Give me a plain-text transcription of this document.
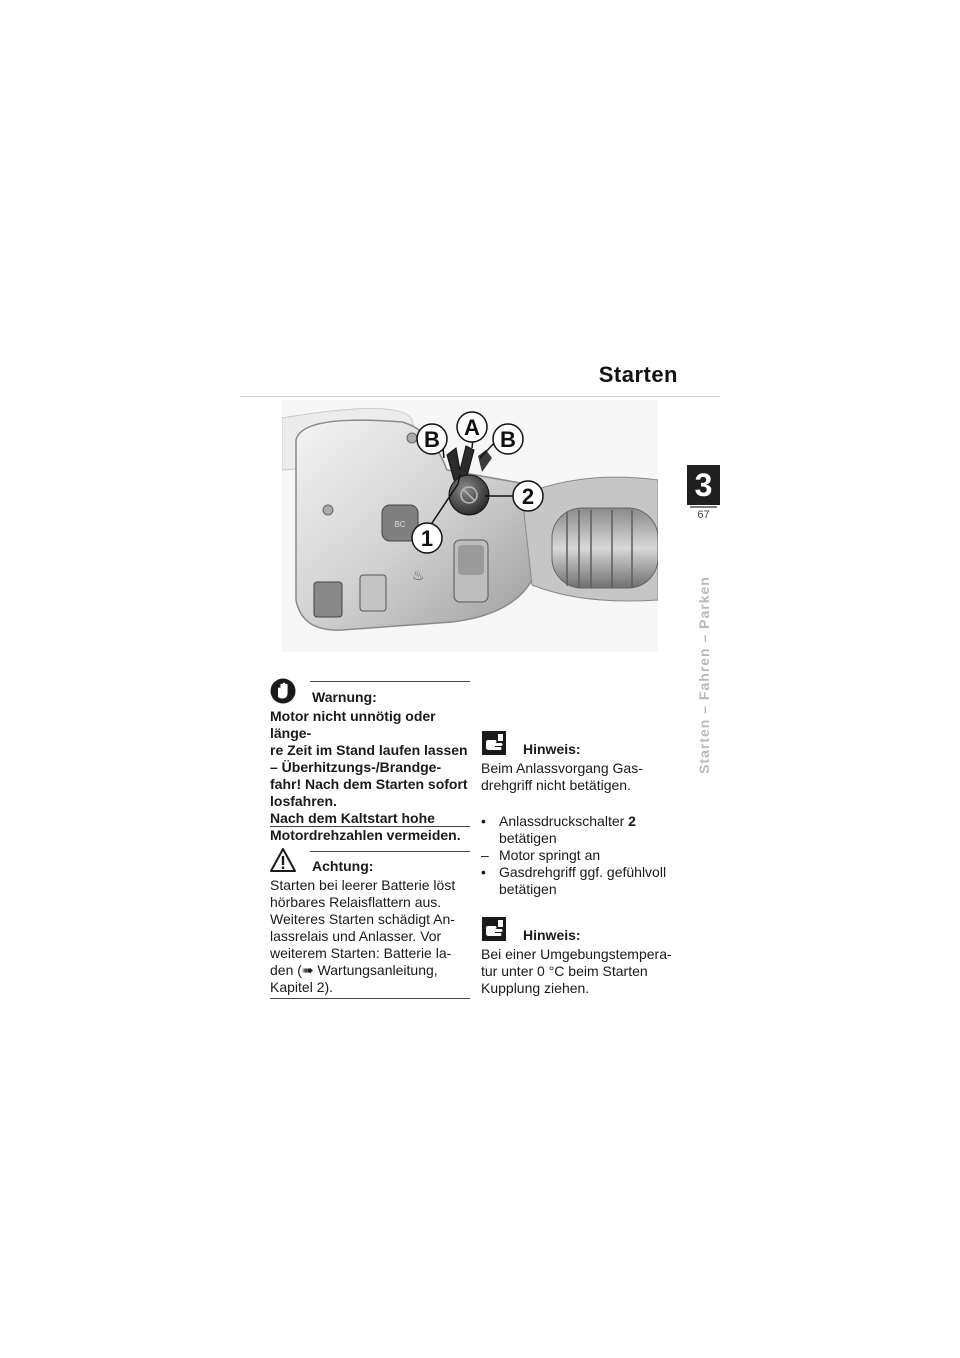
Starten
3
67
Starten – Fahren – Parken
BC
♨
B A B
2
1
Warnung:
Motor nicht unnötig oder länge-
re Zeit im Stand laufen lassen
– Überhitzungs-/Brandge-
fahr! Nach dem Starten sofort
losfahren.
Nach dem Kaltstart hohe
Motordrehzahlen vermeiden.
Achtung:
Starten bei leerer Batterie löst
hörbares Relaisflattern aus.
Weiteres Starten schädigt An-
lassrelais und Anlasser. Vor
weiterem Starten: Batterie la-
den (➠ Wartungsanleitung,
Kapitel 2).
Hinweis:
Beim Anlassvorgang Gas-
drehgriff nicht betätigen.
• Anlassdruckschalter 2
betätigen
– Motor springt an
• Gasdrehgriff ggf. gefühlvoll
betätigen
Hinweis:
Bei einer Umgebungstempera-
tur unter 0 °C beim Starten
Kupplung ziehen.
